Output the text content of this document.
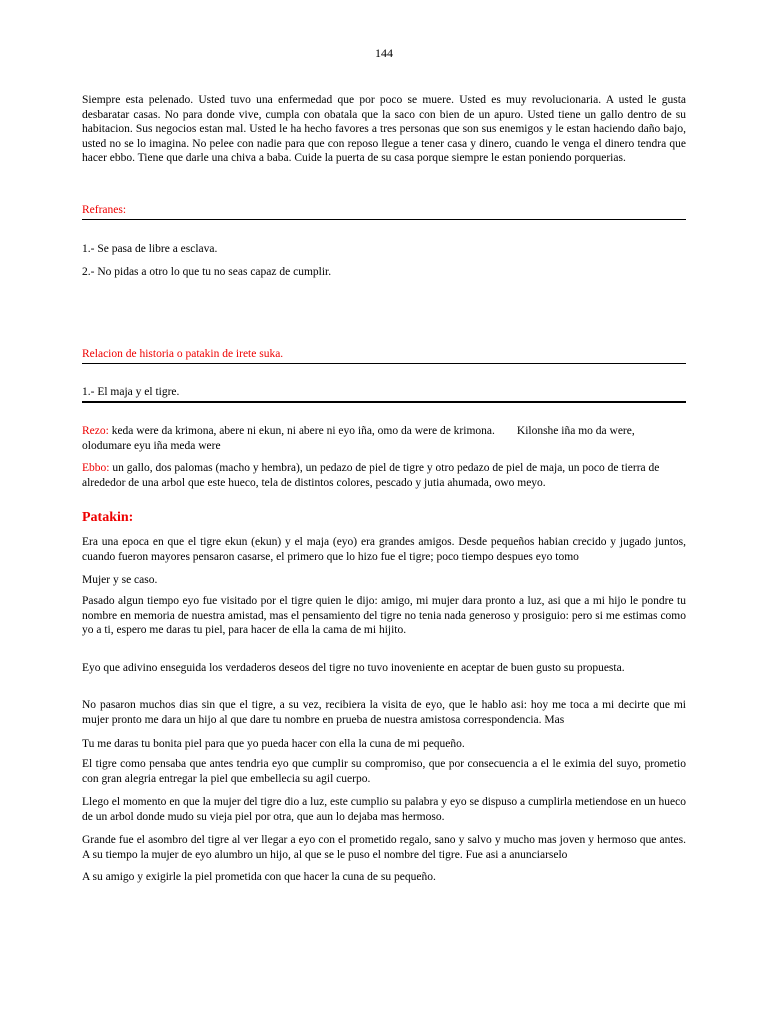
144

Siempre esta pelenado. Usted tuvo una enfermedad que por poco se muere. Usted es muy revolucionaria. A usted le gusta desbaratar casas. No para donde vive, cumpla con obatala que la saco con bien de un apuro. Usted tiene un gallo dentro de su habitacion. Sus negocios estan mal. Usted le ha hecho favores a tres personas que son sus enemigos y le estan haciendo daño bajo, usted no se lo imagina. No pelee con nadie para que con reposo llegue a tener casa y dinero, cuando le venga el dinero tendra que hacer ebbo. Tiene que darle una chiva a baba. Cuide la puerta de su casa porque siempre le estan poniendo porquerias.

Refranes:

1.- Se pasa de libre a esclava.

2.- No pidas a otro lo que tu no seas capaz de cumplir.

Relacion de historia o patakin de irete suka.

1.- El maja y el tigre.

Rezo: keda were da krimona, abere ni ekun, ni abere ni eyo iña, omo da were de krimona. Kilonshe iña mo da were, olodumare eyu iña meda were

Ebbo: un gallo, dos palomas (macho y hembra), un pedazo de piel de tigre y otro pedazo de piel de maja, un poco de tierra de alrededor de una arbol que este hueco, tela de distintos colores, pescado y jutia ahumada, owo meyo.

Patakin:

Era una epoca en que el tigre ekun (ekun) y el maja (eyo) era grandes amigos. Desde pequeños habian crecido y jugado juntos, cuando fueron mayores pensaron casarse, el primero que lo hizo fue el tigre; poco tiempo despues eyo tomo

Mujer y se caso.

Pasado algun tiempo eyo fue visitado por el tigre quien le dijo: amigo, mi mujer dara pronto a luz, asi que a mi hijo le pondre tu nombre en memoria de nuestra amistad, mas el pensamiento del tigre no tenia nada generoso y prosiguio: pero si me estimas como yo a ti, espero me daras tu piel, para hacer de ella la cama de mi hijito.

Eyo que adivino enseguida los verdaderos deseos del tigre no tuvo inoveniente en aceptar de buen gusto su propuesta.

No pasaron muchos dias sin que el tigre, a su vez, recibiera la visita de eyo, que le hablo asi: hoy me toca a mi decirte que mi mujer pronto me dara un hijo al que dare tu nombre en prueba de nuestra amistosa correspondencia. Mas

Tu me daras tu bonita piel para que yo pueda hacer con ella la cuna de mi pequeño.

El tigre como pensaba que antes tendria eyo que cumplir su compromiso, que por consecuencia a el le eximia del suyo, prometio con gran alegria entregar la piel que embellecia su agil cuerpo.

Llego el momento en que la mujer del tigre dio a luz, este cumplio su palabra y eyo se dispuso a cumplirla metiendose en un hueco de un arbol donde mudo su vieja piel por otra, que aun lo dejaba mas hermoso.

Grande fue el asombro del tigre al ver llegar a eyo con el prometido regalo, sano y salvo y mucho mas joven y hermoso que antes. A su tiempo la mujer de eyo alumbro un hijo, al que se le puso el nombre del tigre. Fue asi a anunciarselo

A su amigo y exigirle la piel prometida con que hacer la cuna de su pequeño.
